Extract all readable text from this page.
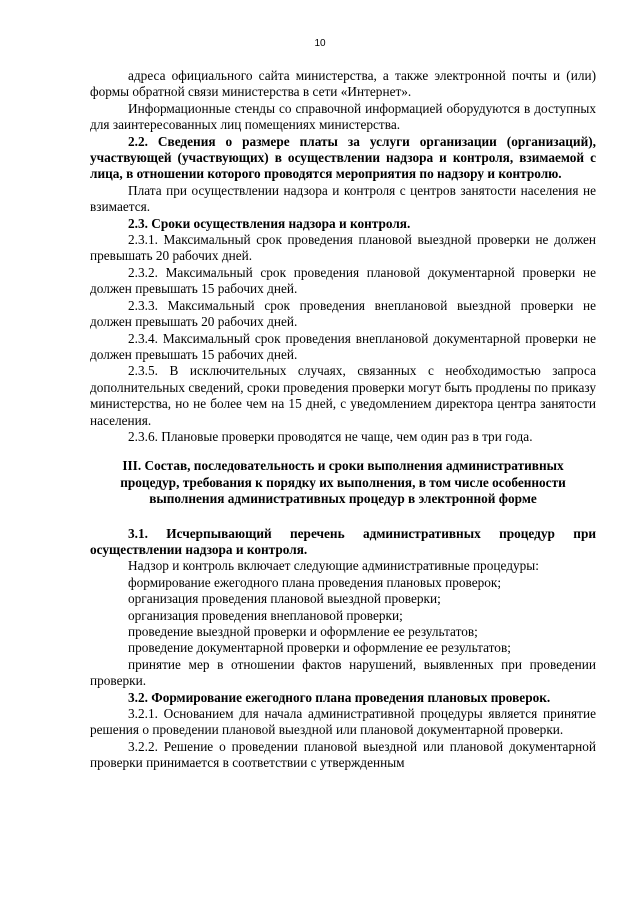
10

адреса официального сайта министерства, а также электронной почты и (или) формы обратной связи министерства в сети «Интернет».

Информационные стенды со справочной информацией оборудуются в доступных для заинтересованных лиц помещениях министерства.

2.2. Сведения о размере платы за услуги организации (организаций), участвующей (участвующих) в осуществлении надзора и контроля, взимаемой с лица, в отношении которого проводятся мероприятия по надзору и контролю.

Плата при осуществлении надзора и контроля с центров занятости населения не взимается.

2.3. Сроки осуществления надзора и контроля.

2.3.1. Максимальный срок проведения плановой выездной проверки не должен превышать 20 рабочих дней.

2.3.2. Максимальный срок проведения плановой документарной проверки не должен превышать 15 рабочих дней.

2.3.3. Максимальный срок проведения внеплановой выездной проверки не должен превышать 20 рабочих дней.

2.3.4. Максимальный срок проведения внеплановой документарной проверки не должен превышать 15 рабочих дней.

2.3.5. В исключительных случаях, связанных с необходимостью запроса дополнительных сведений, сроки проведения проверки могут быть продлены по приказу министерства, но не более чем на 15 дней, с уведомлением директора центра занятости населения.

2.3.6. Плановые проверки проводятся не чаще, чем один раз в три года.

III. Состав, последовательность и сроки выполнения административных процедур, требования к порядку их выполнения, в том числе особенности выполнения административных процедур в электронной форме

3.1. Исчерпывающий перечень административных процедур при осуществлении надзора и контроля.

Надзор и контроль включает следующие административные процедуры:

формирование ежегодного плана проведения плановых проверок;

организация проведения плановой выездной проверки;

организация проведения внеплановой проверки;

проведение выездной проверки и оформление ее результатов;

проведение документарной проверки и оформление ее результатов;

принятие мер в отношении фактов нарушений, выявленных при проведении проверки.

3.2. Формирование ежегодного плана проведения плановых проверок.

3.2.1. Основанием для начала административной процедуры является принятие решения о проведении плановой выездной или плановой документарной проверки.

3.2.2. Решение о проведении плановой выездной или плановой документарной проверки принимается в соответствии с утвержденным
